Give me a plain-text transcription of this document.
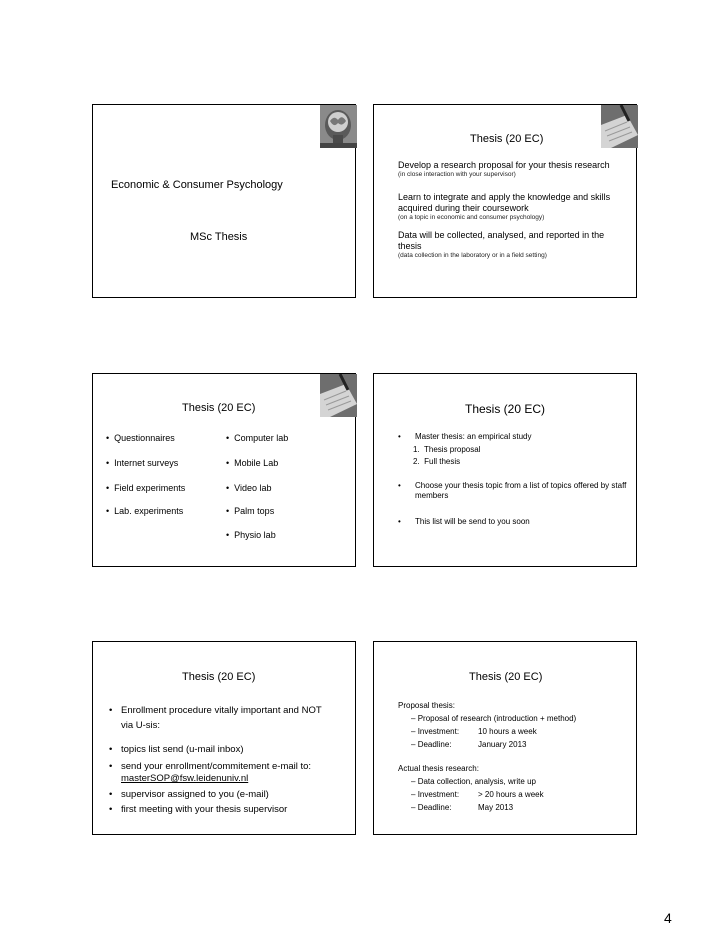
Economic & Consumer Psychology
MSc Thesis
Thesis (20 EC)
Develop a research proposal for your thesis research
(in close interaction with your supervisor)
Learn to integrate and apply the knowledge and skills acquired during their coursework
(on a topic in economic and consumer psychology)
Data will be collected, analysed, and reported in the thesis
(data collection in the laboratory or in a field setting)
Thesis (20 EC)
• Questionnaires
• Internet surveys
• Field experiments
• Lab. experiments
• Computer lab
• Mobile Lab
• Video lab
• Palm tops
• Physio lab
Thesis (20 EC)
• Master thesis: an empirical study
1.  Thesis proposal
2.  Full thesis
• Choose your thesis topic from a list of topics offered by staff members
• This list will be send to you soon
Thesis (20 EC)
• Enrollment procedure vitally important and NOT via U-sis:
• topics list send (u-mail inbox)
• send your enrollment/commitement e-mail to:
masterSOP@fsw.leidenuniv.nl
• supervisor assigned to you (e-mail)
• first meeting with your thesis supervisor
Thesis (20 EC)
Proposal thesis:
– Proposal of research (introduction + method)
– Investment: 10 hours a week
– Deadline:	January 2013
Actual thesis research:
– Data collection, analysis, write up
– Investment: > 20 hours a week
– Deadline:	May 2013
4
